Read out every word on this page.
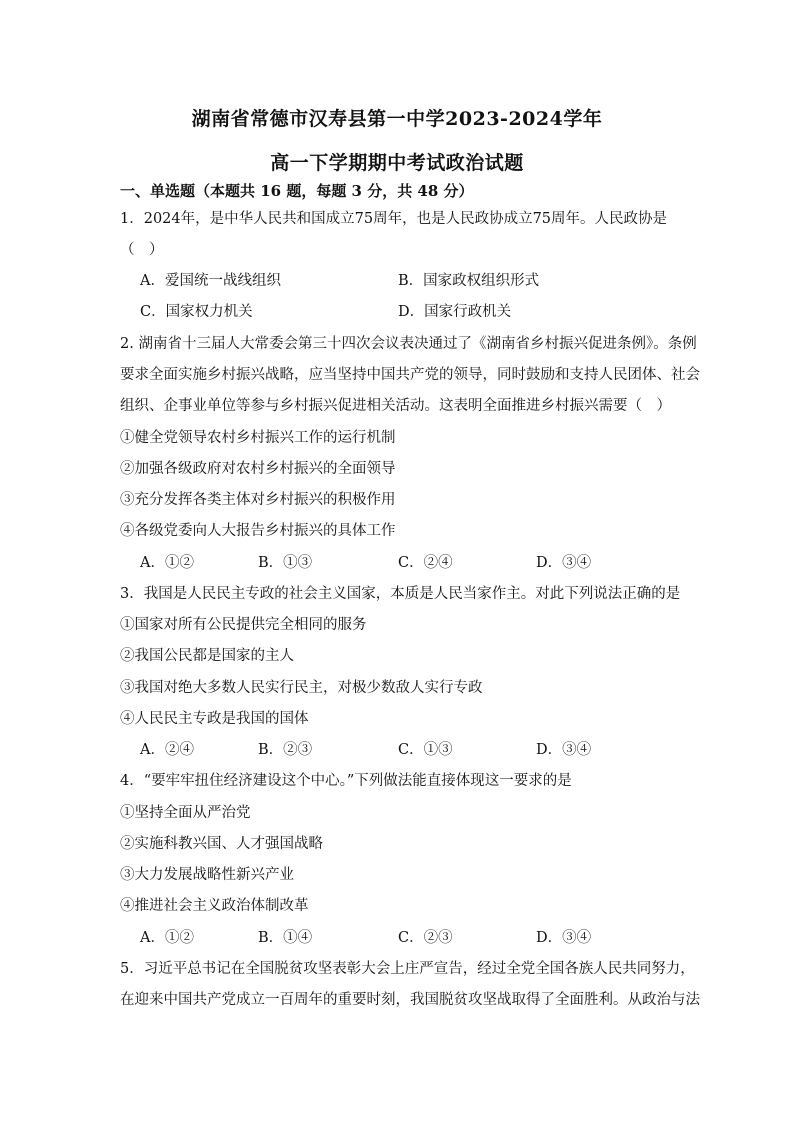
湖南省常德市汉寿县第一中学2023-2024学年
高一下学期期中考试政治试题
一、单选题（本题共 16 题，每题 3 分，共 48 分）
1．2024年，是中华人民共和国成立75周年，也是人民政协成立75周年。人民政协是
（　）
A．爱国统一战线组织	B．国家政权组织形式
C．国家权力机关	D．国家行政机关
2. 湖南省十三届人大常委会第三十四次会议表决通过了《湖南省乡村振兴促进条例》。条例
要求全面实施乡村振兴战略，应当坚持中国共产党的领导，同时鼓励和支持人民团体、社会
组织、企事业单位等参与乡村振兴促进相关活动。这表明全面推进乡村振兴需要（　）
①健全党领导农村乡村振兴工作的运行机制
②加强各级政府对农村乡村振兴的全面领导
③充分发挥各类主体对乡村振兴的积极作用
④各级党委向人大报告乡村振兴的具体工作
A．①②	B．①③	C．②④	D．③④
3．我国是人民民主专政的社会主义国家，本质是人民当家作主。对此下列说法正确的是
①国家对所有公民提供完全相同的服务
②我国公民都是国家的主人
③我国对绝大多数人民实行民主，对极少数敌人实行专政
④人民民主专政是我国的国体
A．②④	B．②③	C．①③	D．③④
4．“要牢牢扭住经济建设这个中心。”下列做法能直接体现这一要求的是
①坚持全面从严治党
②实施科教兴国、人才强国战略
③大力发展战略性新兴产业
④推进社会主义政治体制改革
A．①②	B．①④	C．②③	D．③④
5．习近平总书记在全国脱贫攻坚表彰大会上庄严宣告，经过全党全国各族人民共同努力，
在迎来中国共产党成立一百周年的重要时刻，我国脱贫攻坚战取得了全面胜利。从政治与法
